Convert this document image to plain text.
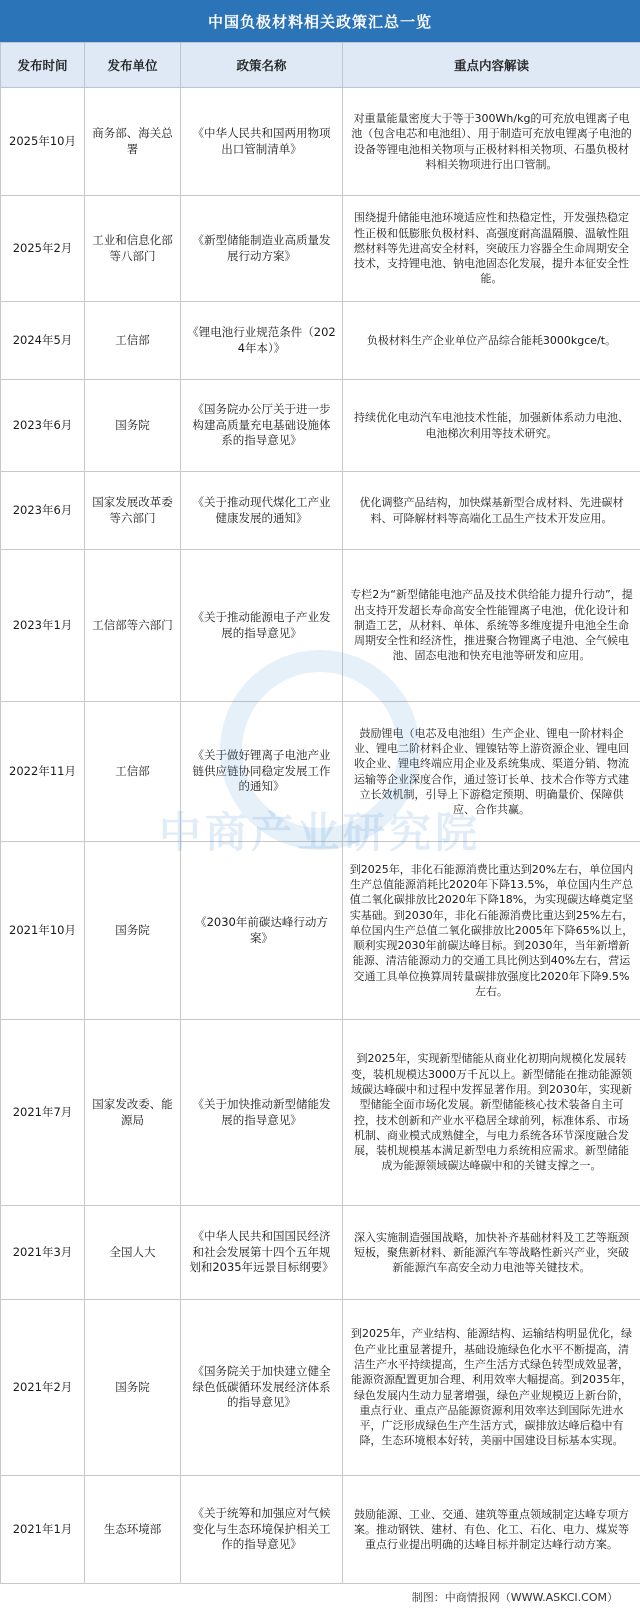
中国负极材料相关政策汇总一览
发布时间	发布单位	政策名称	重点内容解读
2025年10月	商务部、海关总署	《中华人民共和国两用物项出口管制清单》	对重量能量密度大于等于300Wh/kg的可充放电锂离子电池（包含电芯和电池组）、用于制造可充放电锂离子电池的设备等锂电池相关物项与正极材料相关物项、石墨负极材料相关物项进行出口管制。
2025年2月	工业和信息化部等八部门	《新型储能制造业高质量发展行动方案》	围绕提升储能电池环境适应性和热稳定性，开发强热稳定性正极和低膨胀负极材料、高强度耐高温隔膜、温敏性阻燃材料等先进高安全材料，突破压力容器全生命周期安全技术，支持锂电池、钠电池固态化发展，提升本征安全性能。
2024年5月	工信部	《锂电池行业规范条件（2024年本）》	负极材料生产企业单位产品综合能耗3000kgce/t。
2023年6月	国务院	《国务院办公厅关于进一步构建高质量充电基础设施体系的指导意见》	持续优化电动汽车电池技术性能，加强新体系动力电池、电池梯次利用等技术研究。
2023年6月	国家发展改革委等六部门	《关于推动现代煤化工产业健康发展的通知》	优化调整产品结构，加快煤基新型合成材料、先进碳材料、可降解材料等高端化工品生产技术开发应用。
2023年1月	工信部等六部门	《关于推动能源电子产业发展的指导意见》	专栏2为“新型储能电池产品及技术供给能力提升行动”，提出支持开发超长寿命高安全性能锂离子电池，优化设计和制造工艺，从材料、单体、系统等多维度提升电池全生命周期安全性和经济性，推进聚合物锂离子电池、全气候电池、固态电池和快充电池等研发和应用。
2022年11月	工信部	《关于做好锂离子电池产业链供应链协同稳定发展工作的通知》	鼓励锂电（电芯及电池组）生产企业、锂电一阶材料企业、锂电二阶材料企业、锂镍钴等上游资源企业、锂电回收企业、锂电终端应用企业及系统集成、渠道分销、物流运输等企业深度合作，通过签订长单、技术合作等方式建立长效机制，引导上下游稳定预期、明确量价、保障供应、合作共赢。
2021年10月	国务院	《2030年前碳达峰行动方案》	到2025年，非化石能源消费比重达到20%左右，单位国内生产总值能源消耗比2020年下降13.5%，单位国内生产总值二氧化碳排放比2020年下降18%，为实现碳达峰奠定坚实基础。到2030年，非化石能源消费比重达到25%左右，单位国内生产总值二氧化碳排放比2005年下降65%以上，顺利实现2030年前碳达峰目标。到2030年，当年新增新能源、清洁能源动力的交通工具比例达到40%左右，营运交通工具单位换算周转量碳排放强度比2020年下降9.5%左右。
2021年7月	国家发改委、能源局	《关于加快推动新型储能发展的指导意见》	到2025年，实现新型储能从商业化初期向规模化发展转变，装机规模达3000万千瓦以上。新型储能在推动能源领域碳达峰碳中和过程中发挥显著作用。到2030年，实现新型储能全面市场化发展。新型储能核心技术装备自主可控，技术创新和产业水平稳居全球前列，标准体系、市场机制、商业模式成熟健全，与电力系统各环节深度融合发展，装机规模基本满足新型电力系统相应需求。新型储能成为能源领域碳达峰碳中和的关键支撑之一。
2021年3月	全国人大	《中华人民共和国国民经济和社会发展第十四个五年规划和2035年远景目标纲要》	深入实施制造强国战略，加快补齐基础材料及工艺等瓶颈短板，聚焦新材料、新能源汽车等战略性新兴产业，突破新能源汽车高安全动力电池等关键技术。
2021年2月	国务院	《国务院关于加快建立健全绿色低碳循环发展经济体系的指导意见》	到2025年，产业结构、能源结构、运输结构明显优化，绿色产业比重显著提升，基础设施绿色化水平不断提高，清洁生产水平持续提高，生产生活方式绿色转型成效显著，能源资源配置更加合理、利用效率大幅提高。到2035年，绿色发展内生动力显著增强，绿色产业规模迈上新台阶，重点行业、重点产品能源资源利用效率达到国际先进水平，广泛形成绿色生产生活方式，碳排放达峰后稳中有降，生态环境根本好转，美丽中国建设目标基本实现。
2021年1月	生态环境部	《关于统筹和加强应对气候变化与生态环境保护相关工作的指导意见》	鼓励能源、工业、交通、建筑等重点领域制定达峰专项方案。推动钢铁、建材、有色、化工、石化、电力、煤炭等重点行业提出明确的达峰目标并制定达峰行动方案。
制图：中商情报网（WWW.ASKCI.COM）
中商产业研究院
